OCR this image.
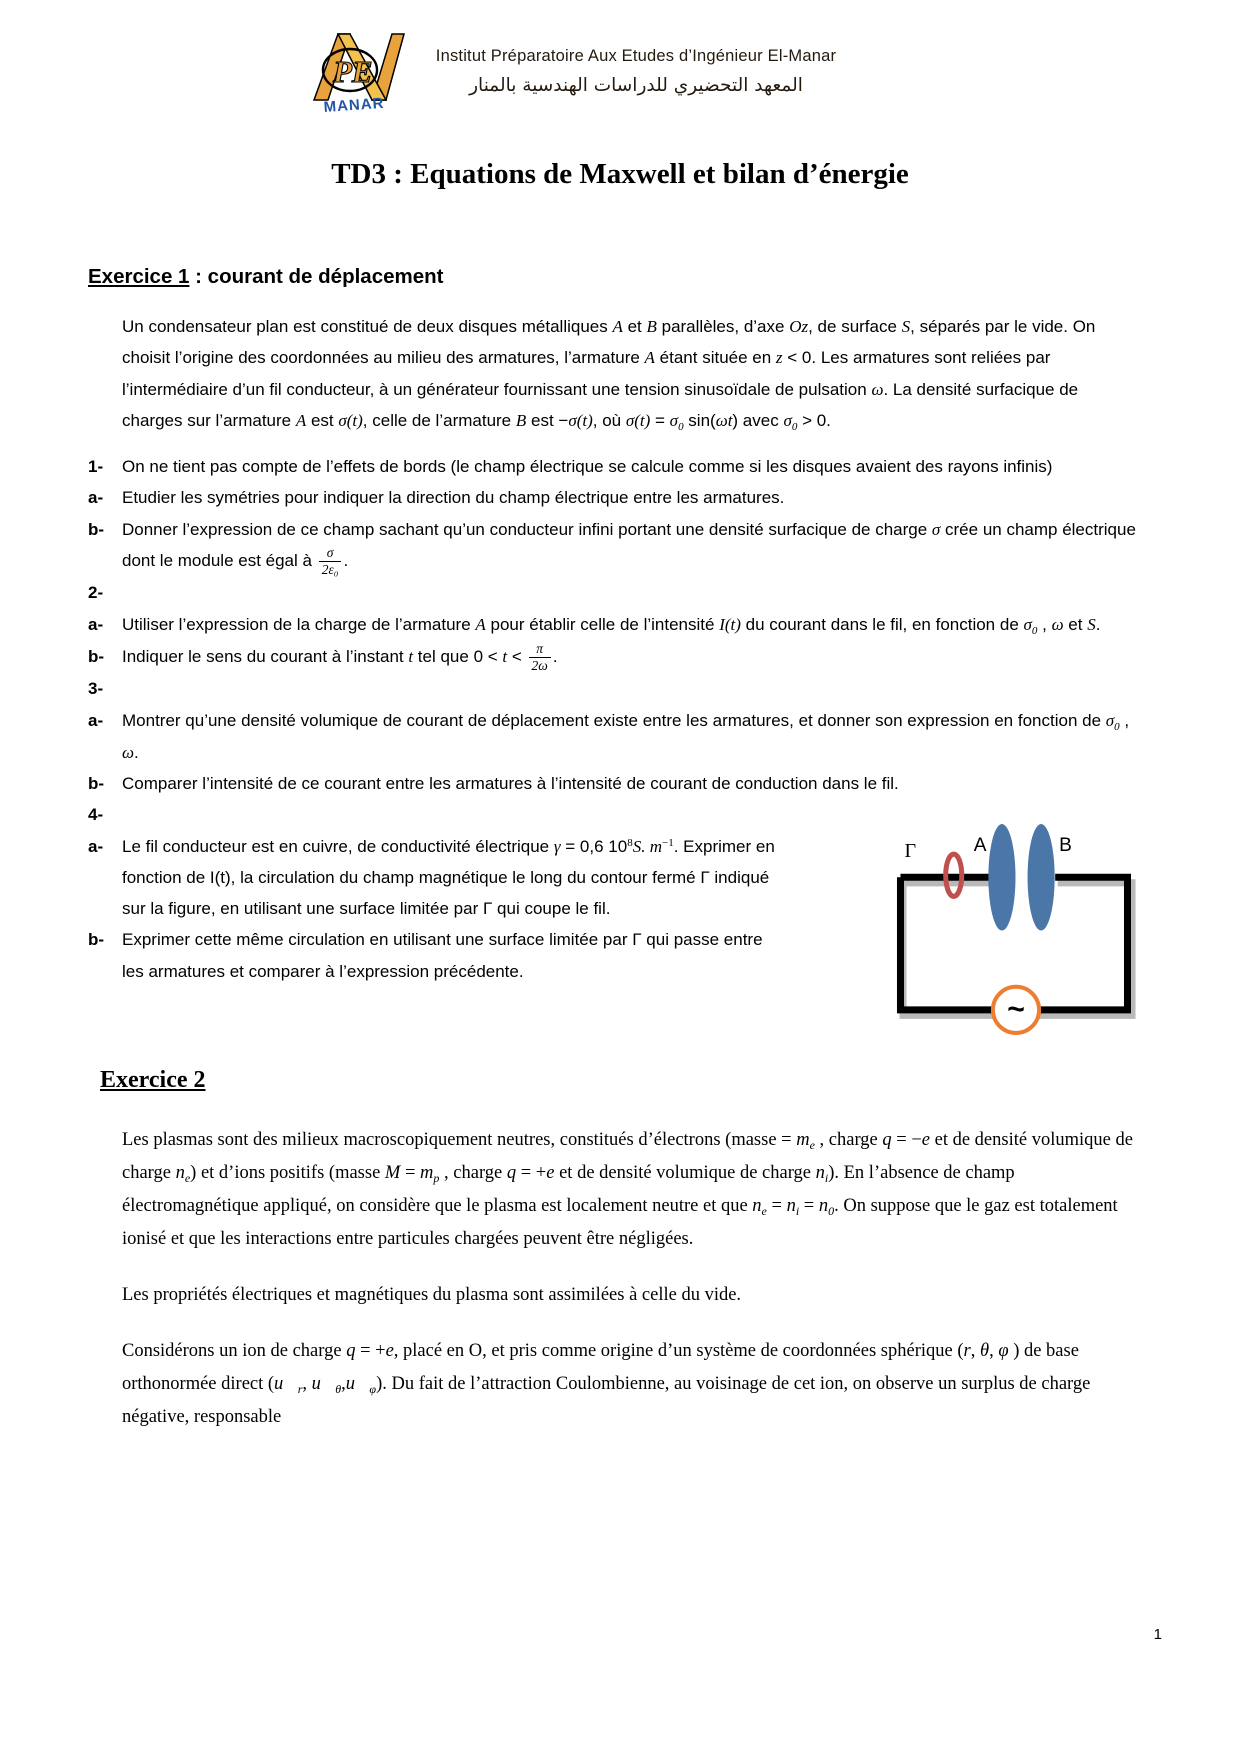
PE
MANAR
Institut Préparatoire Aux Etudes d’Ingénieur El-Manar
المعهد التحضيري للدراسات الهندسية بالمنار
TD3 : Equations de Maxwell et bilan d’énergie
Exercice 1 : courant de déplacement
Un condensateur plan est constitué de deux disques métalliques A et B parallèles, d’axe Oz, de surface S, séparés par le vide. On choisit l’origine des coordonnées au milieu des armatures, l’armature A étant située en z < 0. Les armatures sont reliées par l’intermédiaire d’un fil conducteur, à un générateur fournissant une tension sinusoïdale de pulsation ω. La densité surfacique de charges sur l’armature A est σ(t), celle de l’armature B est −σ(t), où $\sigma(t) = \sigma_0$ sin(ωt) avec $\sigma_0 > 0$.
1-	On ne tient pas compte de l’effets de bords (le champ électrique se calcule comme si les disques avaient des rayons infinis)
a-	Etudier les symétries pour indiquer la direction du champ électrique entre les armatures.
b-	Donner l’expression de ce champ sachant qu’un conducteur infini portant une densité surfacique de charge σ crée un champ électrique dont le module est égal à $\frac{\sigma}{\text{2ε₀}}$ .
2-
a-	Utiliser l’expression de la charge de l’armature A pour établir celle de l’intensité I(t) du courant dans le fil, en fonction de $\sigma_0$ , ω et S.
b-	Indiquer le sens du courant à l’instant t tel que $0 < t < \frac{\pi}{2\omega}$ .
3-
a-	Montrer qu’une densité volumique de courant de déplacement existe entre les armatures, et donner son expression en fonction de $\sigma_0$ , ω.
b-	Comparer l’intensité de ce courant entre les armatures à l’intensité de courant de conduction dans le fil.
4-
a-	Le fil conducteur est en cuivre, de conductivité électrique γ = 0,6 $10^8S$. $m^{-1}$. Exprimer en fonction de I(t), la circulation du champ magnétique le long du contour fermé Γ indiqué sur la figure, en utilisant une surface limitée par Γ qui coupe le fil.
b-	Exprimer cette même circulation en utilisant une surface limitée par Γ qui passe entre les armatures et comparer à l’expression précédente.
~
Γ	A	B
Exercice 2
Les plasmas sont des milieux macroscopiquement neutres, constitués d’électrons (masse = $m_e$ , charge q = −e et de densité volumique de charge $n_e$) et d’ions positifs (masse $M = m_p$ , charge q = +e et de densité volumique de charge $n_i$). En l’absence de champ électromagnétique appliqué, on considère que le plasma est localement neutre et que $n_e = n_i = n_0$. On suppose que le gaz est totalement ionisé et que les interactions entre particules chargées peuvent être négligées.
Les propriétés électriques et magnétiques du plasma sont assimilées à celle du vide.
Considérons un ion de charge q = +e, placé en O, et pris comme origine d’un système de coordonnées sphérique (r, θ, φ ) de base orthonormée direct ($u⃗_r$, $u⃗_\theta,u⃗_\varphi$). Du fait de l’attraction Coulombienne, au voisinage de cet ion, on observe un surplus de charge négative, responsable
1
